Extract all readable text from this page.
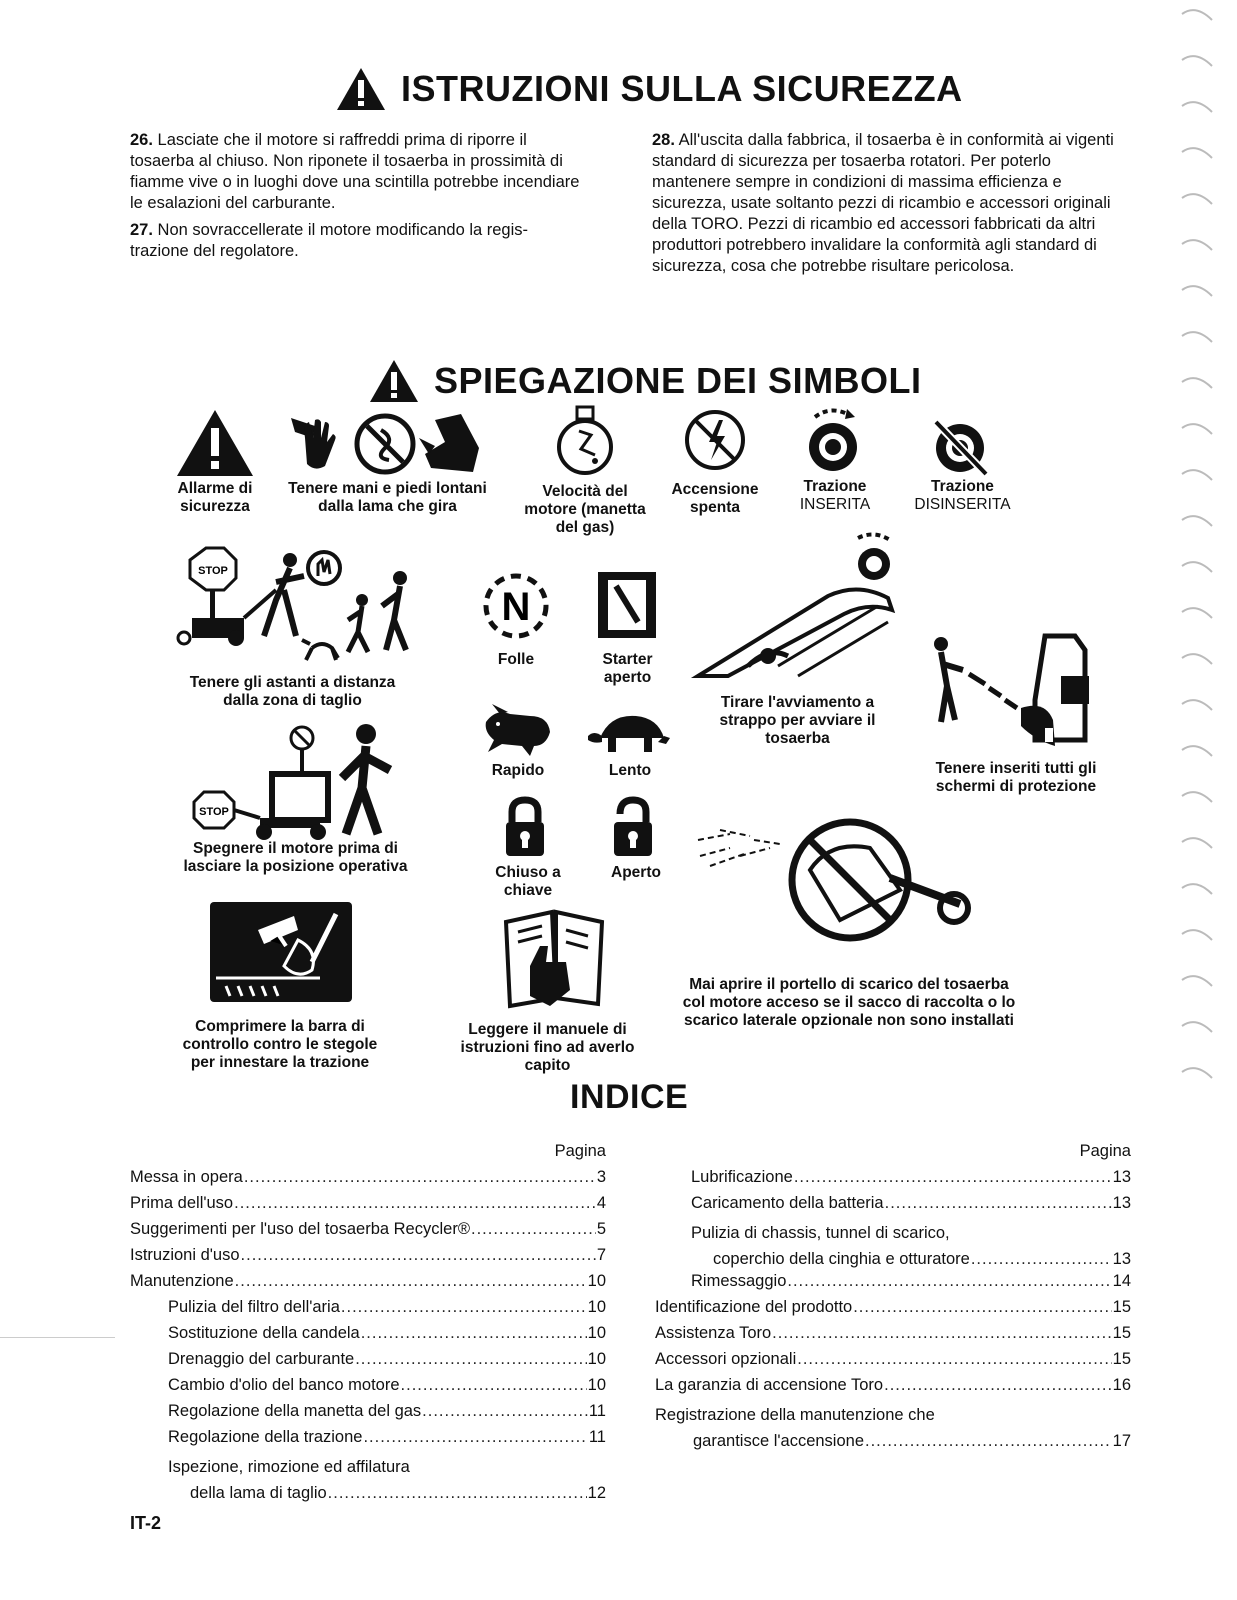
ISTRUZIONI SULLA SICUREZZA

26. Lasciate che il motore si raffreddi prima di riporre il tosaerba al chiuso. Non riponete il tosaerba in prossimità di fiamme vive o in luoghi dove una scintilla potrebbe incendiare le esalazioni del carburante.

27. Non sovraccellerate il motore modificando la regis-trazione del regolatore.

28. All'uscita dalla fabbrica, il tosaerba è in conformità ai vigenti standard di sicurezza per tosaerba rotatori. Per poterlo mantenere sempre in condizioni di massima efficienza e sicurezza, usate soltanto pezzi di ricambio e accessori originali della TORO. Pezzi di ricambio ed accessori fabbricati da altri produttori potrebbero invalidare la conformità agli standard di sicurezza, cosa che potrebbe risultare pericolosa.

SPIEGAZIONE DEI SIMBOLI
Allarme di sicurezza
Tenere mani e piedi lontani dalla lama che gira
Velocità del motore (manetta del gas)
Accensione spenta
Trazione
INSERITA
Trazione
DISINSERITA
STOP
Tenere gli astanti a distanza dalla zona di taglio
N
Folle	Starter aperto
Tirare l'avviamento a strappo per avviare il tosaerba
Tenere inseriti tutti gli schermi di protezione
Rapido	Lento
Chiuso a chiave
Aperto
STOP
Spegnere il motore prima di lasciare la posizione operativa
Mai aprire il portello di scarico del tosaerba col motore acceso se il sacco di raccolta o lo scarico laterale opzionale non sono installati
Comprimere la barra di controllo contro le stegole per innestare la trazione
Leggere il manuele di istruzioni fino ad averlo capito
INDICE
Pagina
Messa in opera .....	3
Prima dell'uso .....	4
Suggerimenti per l'uso del tosaerba Recycler® .....	5
Istruzioni d'uso .....	7
Manutenzione .....	10
Pulizia del filtro dell'aria .....	10
Sostituzione della candela .....	10
Drenaggio del carburante .....	10
Cambio d'olio del banco motore .....	10
Regolazione della manetta del gas .....	11
Regolazione della trazione .....	11
Ispezione, rimozione ed affilatura
della lama di taglio .....	12
Pagina
Lubrificazione .....	13
Caricamento della batteria .....	13
Pulizia di chassis, tunnel di scarico,
coperchio della cinghia e otturatore .....	13
Rimessaggio .....	14
Identificazione del prodotto .....	15
Assistenza Toro .....	15
Accessori opzionali .....	15
La garanzia di accensione Toro .....	16
Registrazione della manutenzione che
garantisce l'accensione .....	17
IT-2
